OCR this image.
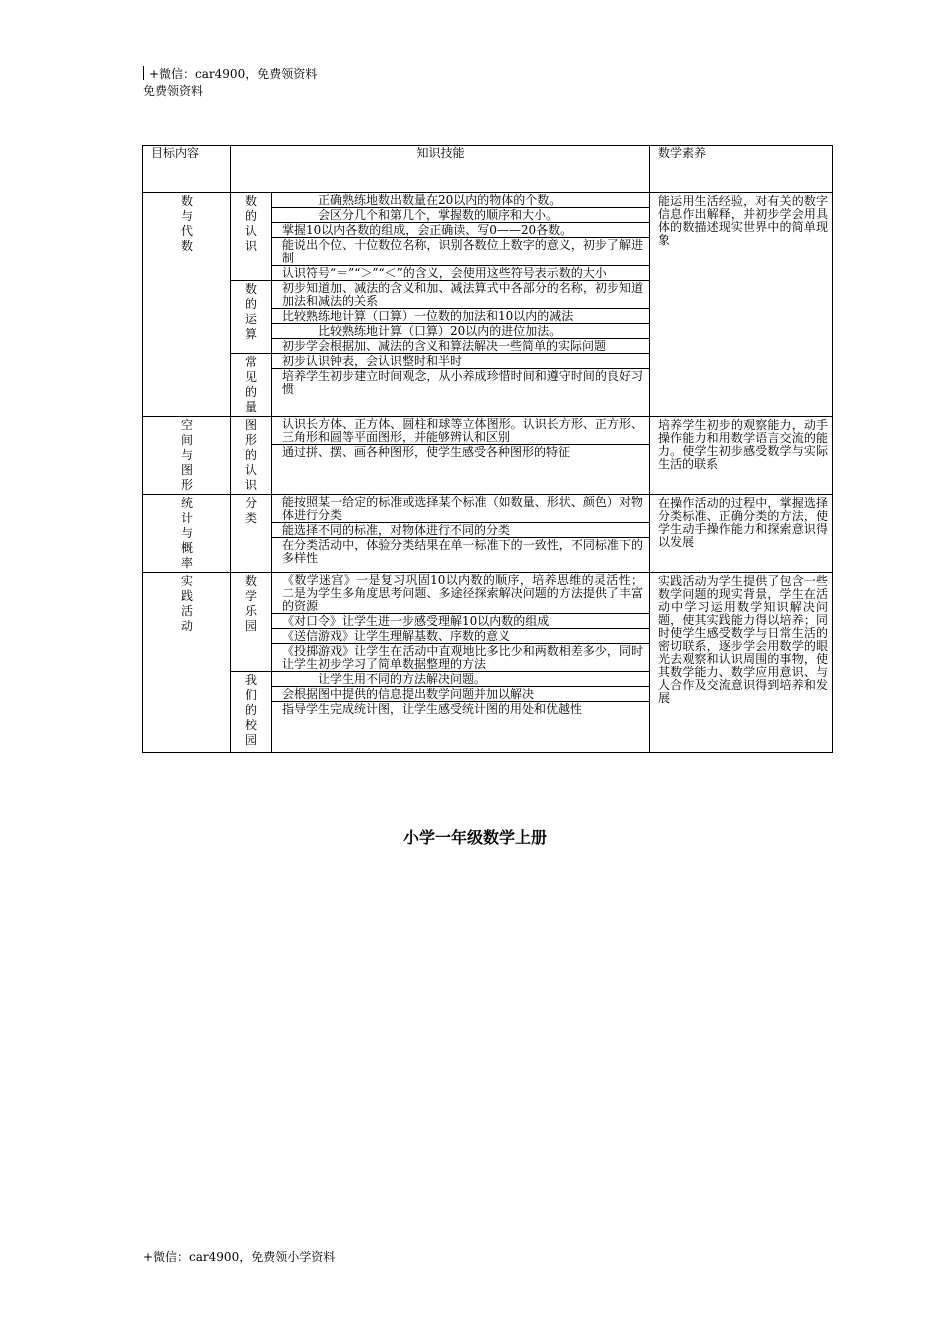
+微信：car4900，免费领资料
免费领资料
目标内容	知识技能		数学素养

数与代数	数的认识	正确熟练地数出数量在20以内的物体的个数。
会区分几个和第几个，掌握数的顺序和大小。
掌握10以内各数的组成，会正确读、写0——20各数。
能说出个位、十位数位名称，识别各数位上数字的意义，初步了解进制
认识符号“＝”“＞”“＜”的含义，会使用这些符号表示数的大小	能运用生活经验，对有关的数字信息作出解释，并初步学会用具体的数描述现实世界中的简单现象

	数的运算	初步知道加、减法的含义和加、减法算式中各部分的名称，初步知道加法和减法的关系
比较熟练地计算（口算）一位数的加法和10以内的减法
比较熟练地计算（口算）20以内的进位加法。
初步学会根据加、减法的含义和算法解决一些简单的实际问题	

	常见的量	初步认识钟表，会认识整时和半时
培养学生初步建立时间观念，从小养成珍惜时间和遵守时间的良好习惯	

空间与图形	图形的认识	认识长方体、正方体、圆柱和球等立体图形。认识长方形、正方形、三角形和圆等平面图形，并能够辨认和区别
通过拼、摆、画各种图形，使学生感受各种图形的特征	培养学生初步的观察能力，动手操作能力和用数学语言交流的能力。使学生初步感受数学与实际生活的联系

统计与概率	分类	能按照某一给定的标准或选择某个标准（如数量、形状、颜色）对物体进行分类
能选择不同的标准，对物体进行不同的分类
在分类活动中，体验分类结果在单一标准下的一致性，不同标准下的多样性	在操作活动的过程中，掌握选择分类标准、正确分类的方法，使学生动手操作能力和探索意识得以发展

实践活动	数学乐园	《数学迷宫》一是复习巩固10以内数的顺序，培养思维的灵活性；二是为学生多角度思考问题、多途径探索解决问题的方法提供了丰富的资源
《对口令》让学生进一步感受理解10以内数的组成
《送信游戏》让学生理解基数、序数的意义
《投掷游戏》让学生在活动中直观地比多比少和两数相差多少，同时让学生初步学习了简单数据整理的方法	实践活动为学生提供了包含一些数学问题的现实背景，学生在活动中学习运用数学知识解决问题，使其实践能力得以培养；同时使学生感受数学与日常生活的密切联系，逐步学会用数学的眼光去观察和认识周围的事物，使其数学能力、数学应用意识、与人合作及交流意识得到培养和发展

	我们的校园	让学生用不同的方法解决问题。
会根据图中提供的信息提出数学问题并加以解决
指导学生完成统计图，让学生感受统计图的用处和优越性	
小学一年级数学上册
+微信：car4900，免费领小学资料
